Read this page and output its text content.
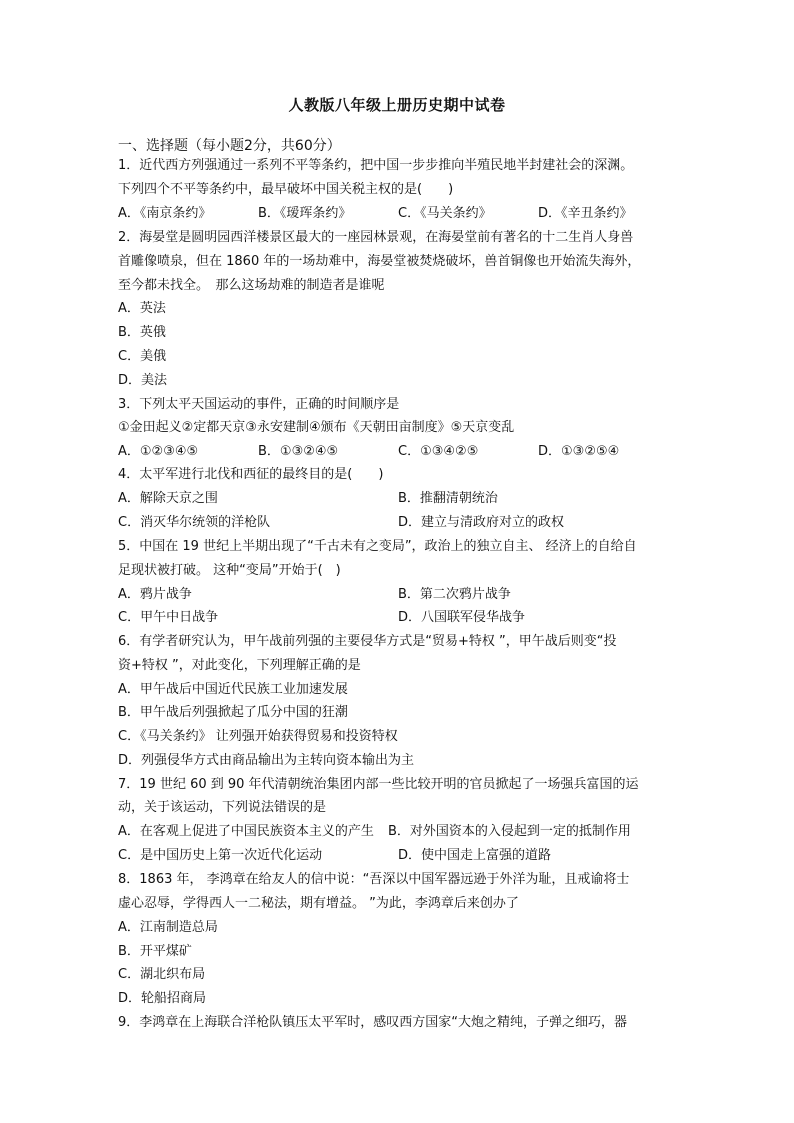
人教版八年级上册历史期中试卷
一、选择题（每小题2分，共60分）
1．近代西方列强通过一系列不平等条约，把中国一步步推向半殖民地半封建社会的深渊。
下列四个不平等条约中，最早破坏中国关税主权的是(　　)
A．《南京条约》	B．《瑷珲条约》	C．《马关条约》	D．《辛丑条约》
2．海晏堂是圆明园西洋楼景区最大的一座园林景观，在海晏堂前有著名的十二生肖人身兽
首雕像喷泉，但在 1860 年的一场劫难中，海晏堂被焚烧破坏，兽首铜像也开始流失海外，
至今都未找全。　那么这场劫难的制造者是谁呢
A．英法
B．英俄
C．美俄
D．美法
3．下列太平天国运动的事件，正确的时间顺序是
①金田起义②定都天京③永安建制④颁布《天朝田亩制度》⑤天京变乱
A．①②③④⑤	B．①③②④⑤	C．①③④②⑤	D．①③②⑤④
4．太平军进行北伐和西征的最终目的是(　　)
A．解除天京之围	B．推翻清朝统治
C．消灭华尔统领的洋枪队	D．建立与清政府对立的政权
5．中国在 19 世纪上半期出现了“千古未有之变局”，政治上的独立自主、 经济上的自给自
足现状被打破。 这种“变局”开始于(　)
A．鸦片战争	B．第二次鸦片战争
C．甲午中日战争	D．八国联军侵华战争
6．有学者研究认为，甲午战前列强的主要侵华方式是“贸易+特权 ”，甲午战后则变“投
资+特权 ”，对此变化，下列理解正确的是
A．甲午战后中国近代民族工业加速发展
B．甲午战后列强掀起了瓜分中国的狂潮
C．《马关条约》 让列强开始获得贸易和投资特权
D．列强侵华方式由商品输出为主转向资本输出为主
7．19 世纪 60 到 90 年代清朝统治集团内部一些比较开明的官员掀起了一场强兵富国的运
动，关于该运动，下列说法错误的是
A．在客观上促进了中国民族资本主义的产生 B．对外国资本的入侵起到一定的抵制作用
C．是中国历史上第一次近代化运动	D．使中国走上富强的道路
8．1863 年， 李鸿章在给友人的信中说：“吾深以中国军器远逊于外洋为耻，且戒谕将士
虚心忍辱，学得西人一二秘法，期有增益。 ”为此，李鸿章后来创办了
A．江南制造总局
B．开平煤矿
C．湖北织布局
D．轮船招商局
9．李鸿章在上海联合洋枪队镇压太平军时，感叹西方国家“大炮之精纯，子弹之细巧，器
